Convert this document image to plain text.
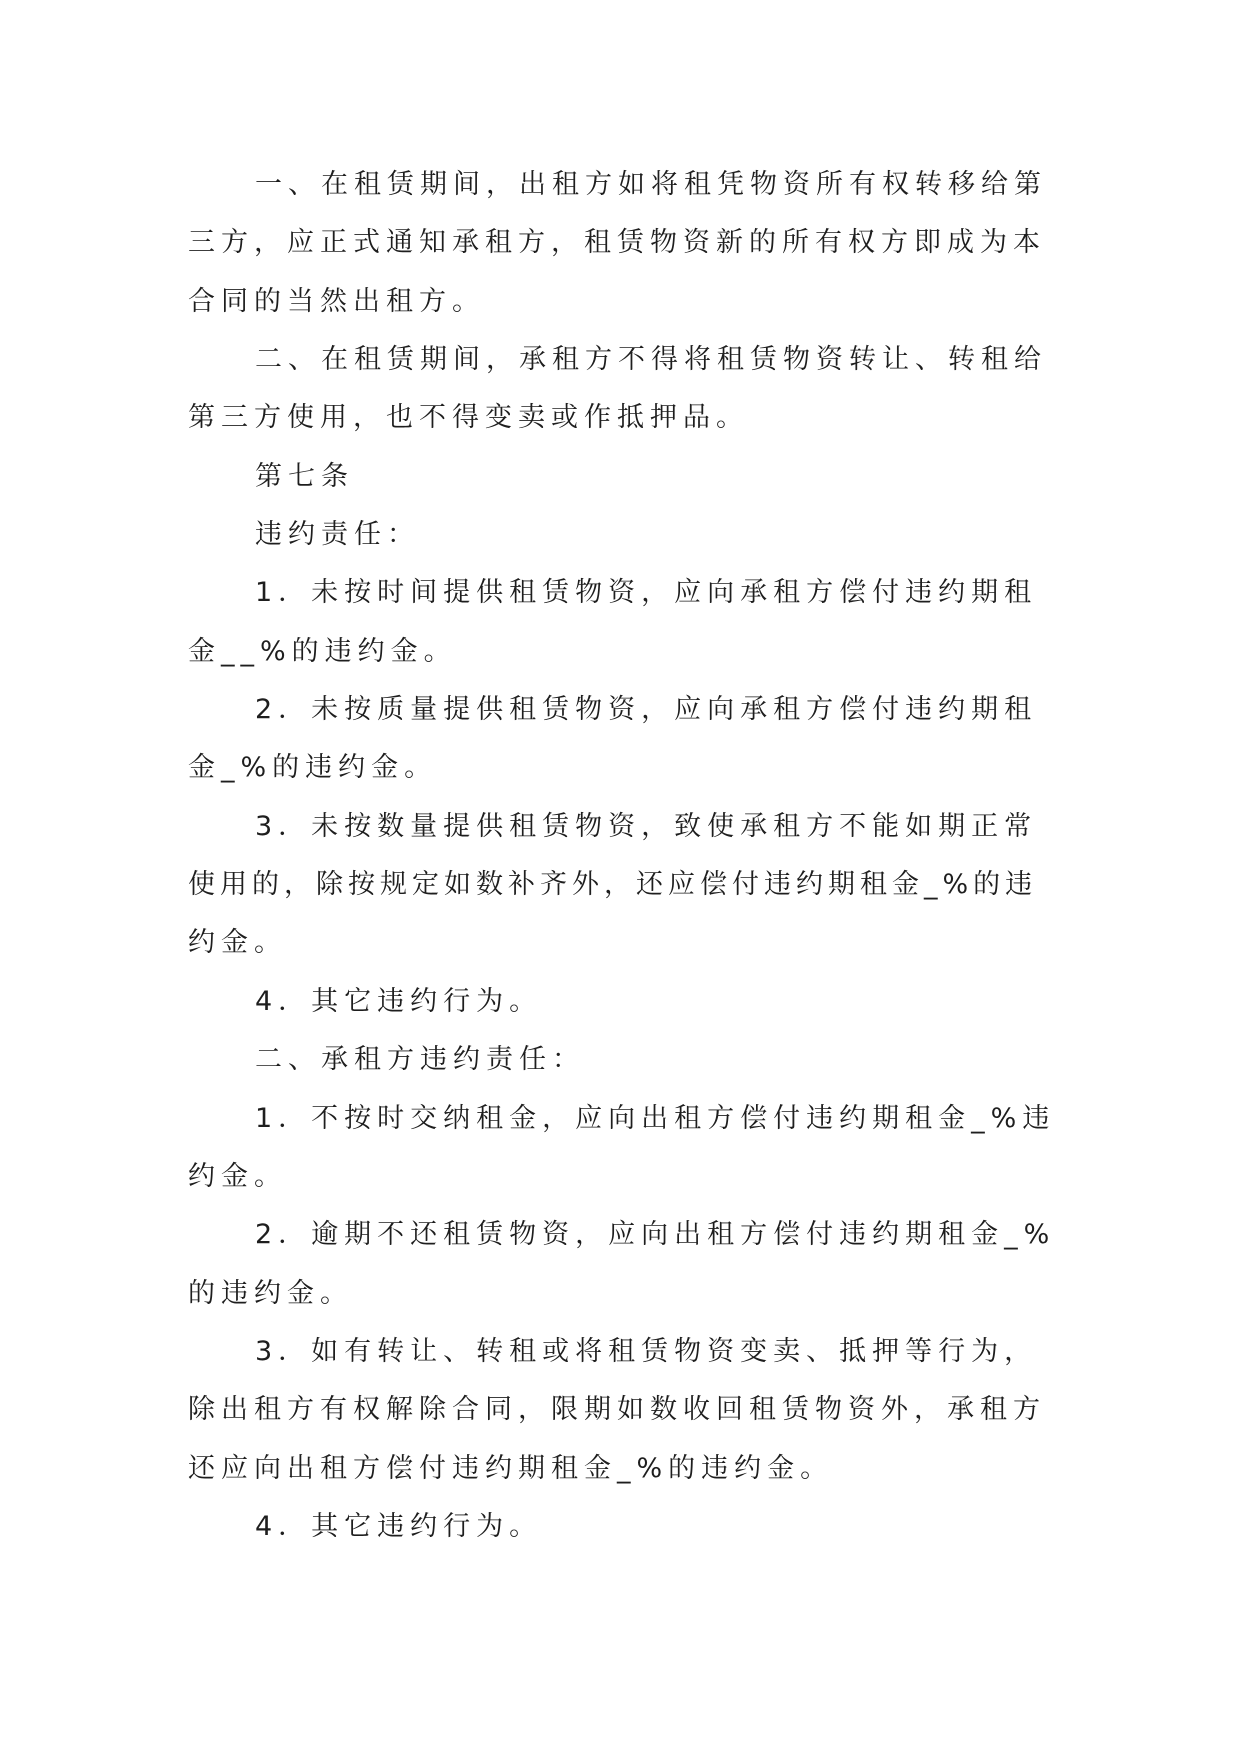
一、在租赁期间，出租方如将租凭物资所有权转移给第
三方，应正式通知承租方，租赁物资新的所有权方即成为本
合同的当然出租方。
二、在租赁期间，承租方不得将租赁物资转让、转租给
第三方使用，也不得变卖或作抵押品。
第七条
违约责任：
1．未按时间提供租赁物资，应向承租方偿付违约期租
金__%的违约金。
2．未按质量提供租赁物资，应向承租方偿付违约期租
金_%的违约金。
3．未按数量提供租赁物资，致使承租方不能如期正常
使用的，除按规定如数补齐外，还应偿付违约期租金_%的违
约金。
4．其它违约行为。
二、承租方违约责任：
1．不按时交纳租金，应向出租方偿付违约期租金_%违
约金。
2．逾期不还租赁物资，应向出租方偿付违约期租金_%
的违约金。
3．如有转让、转租或将租赁物资变卖、抵押等行为，
除出租方有权解除合同，限期如数收回租赁物资外，承租方
还应向出租方偿付违约期租金_%的违约金。
4．其它违约行为。
